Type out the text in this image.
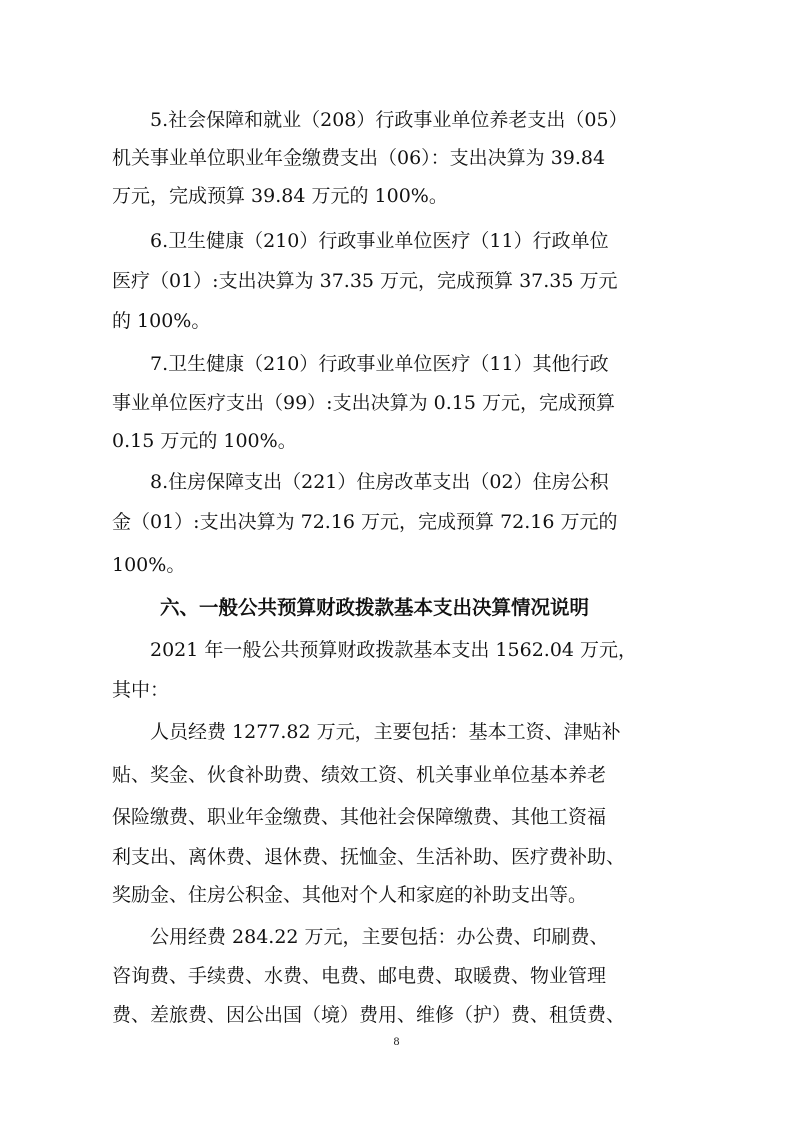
　　5.社会保障和就业（208）行政事业单位养老支出（05）
机关事业单位职业年金缴费支出（06）：支出决算为 39.84
万元，完成预算 39.84 万元的 100%。
　　6.卫生健康（210）行政事业单位医疗（11）行政单位
医疗（01）:支出决算为 37.35 万元，完成预算 37.35 万元
的 100%。
　　7.卫生健康（210）行政事业单位医疗（11）其他行政
事业单位医疗支出（99）:支出决算为 0.15 万元，完成预算
0.15 万元的 100%。
　　8.住房保障支出（221）住房改革支出（02）住房公积
金（01）:支出决算为 72.16 万元，完成预算 72.16 万元的
100%。
六、一般公共预算财政拨款基本支出决算情况说明
　　2021 年一般公共预算财政拨款基本支出 1562.04 万元，
其中：
　　人员经费 1277.82 万元，主要包括：基本工资、津贴补
贴、奖金、伙食补助费、绩效工资、机关事业单位基本养老
保险缴费、职业年金缴费、其他社会保障缴费、其他工资福
利支出、离休费、退休费、抚恤金、生活补助、医疗费补助、
奖励金、住房公积金、其他对个人和家庭的补助支出等。
　　公用经费 284.22 万元，主要包括：办公费、印刷费、
咨询费、手续费、水费、电费、邮电费、取暖费、物业管理
费、差旅费、因公出国（境）费用、维修（护）费、租赁费、
8
